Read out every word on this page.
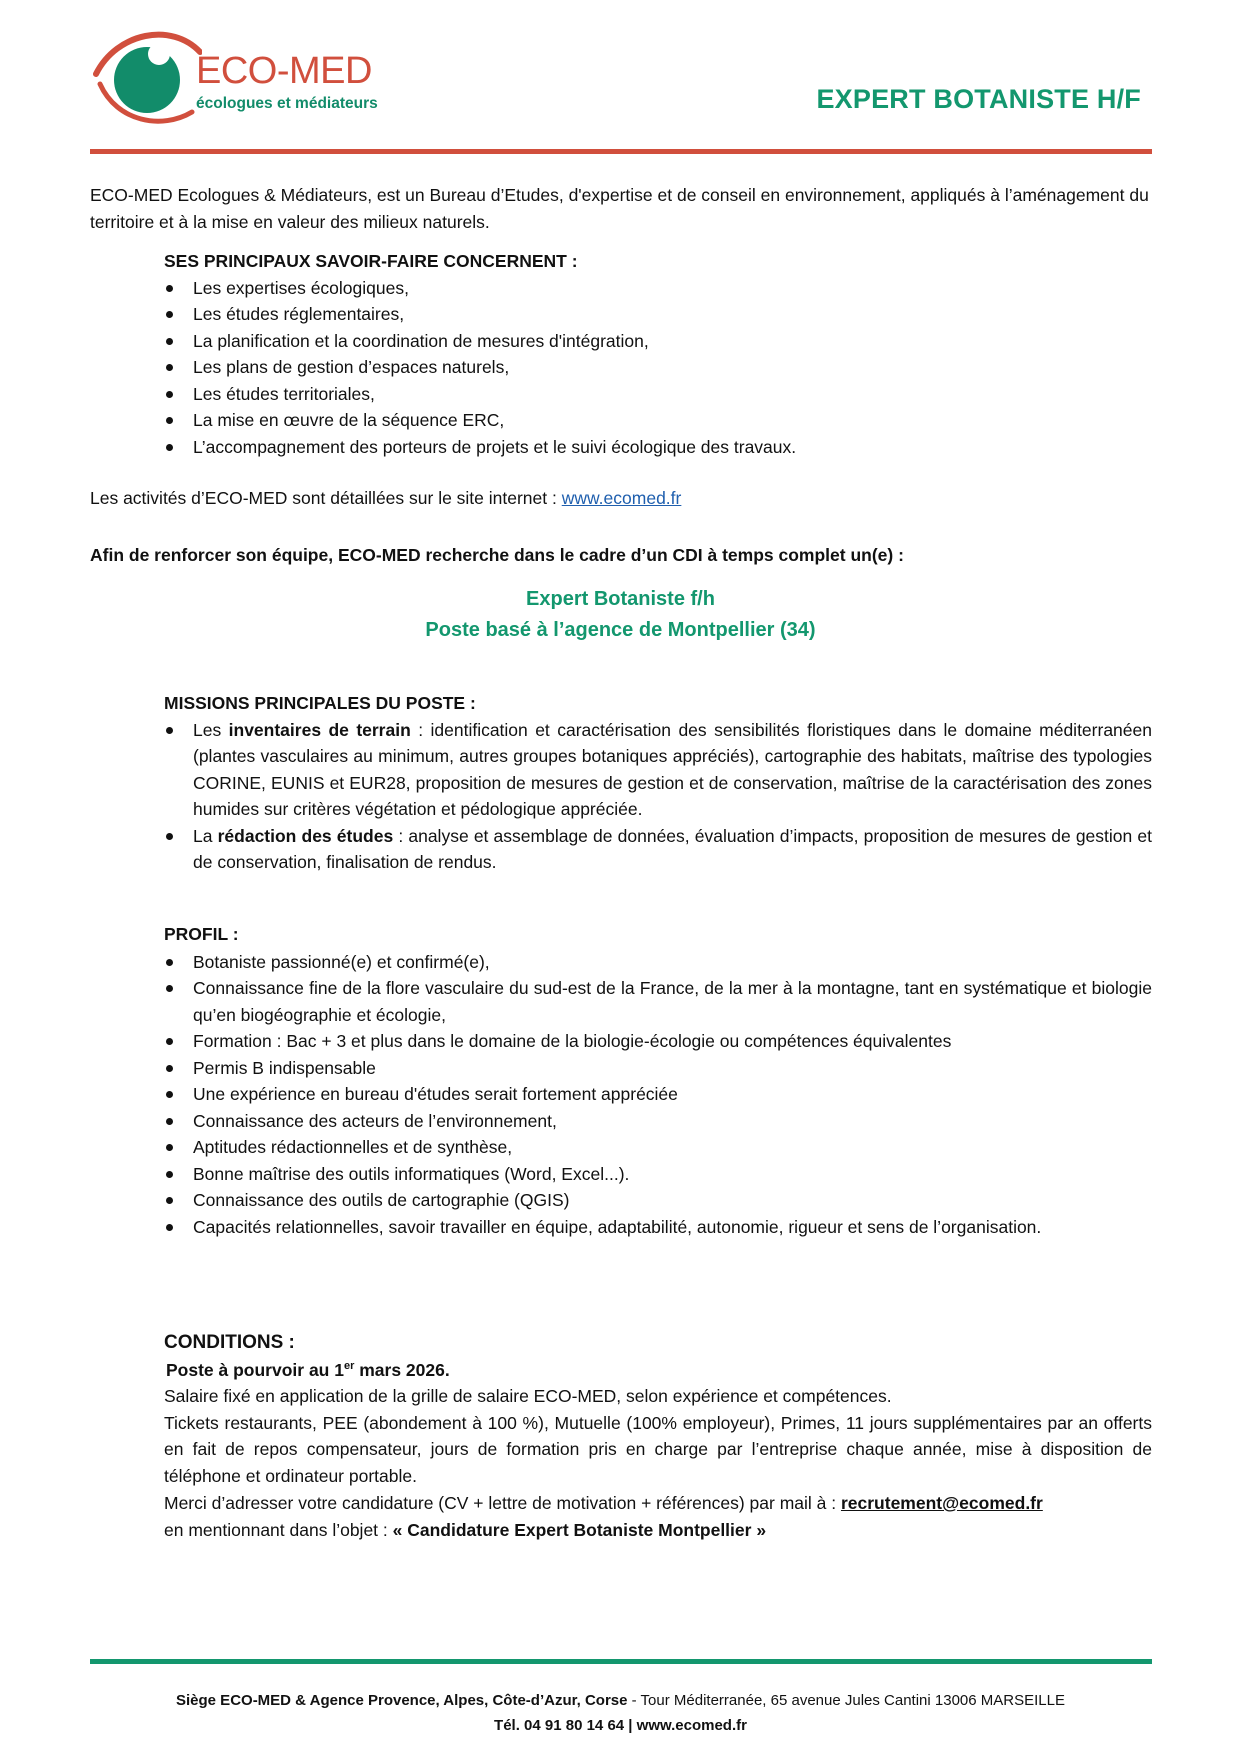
ECO-MED
écologues et médiateurs	EXPERT BOTANISTE H/F
ECO-MED Ecologues & Médiateurs, est un Bureau d’Etudes, d'expertise et de conseil en environnement, appliqués à l’aménagement du territoire et à la mise en valeur des milieux naturels.
SES PRINCIPAUX SAVOIR-FAIRE CONCERNENT :
Les expertises écologiques,
Les études réglementaires,
La planification et la coordination de mesures d'intégration,
Les plans de gestion d’espaces naturels,
Les études territoriales,
La mise en œuvre de la séquence ERC,
L’accompagnement des porteurs de projets et le suivi écologique des travaux.
Les activités d’ECO-MED sont détaillées sur le site internet : www.ecomed.fr
Afin de renforcer son équipe, ECO-MED recherche dans le cadre d’un CDI à temps complet un(e) :
Expert Botaniste f/h
Poste basé à l’agence de Montpellier (34)
MISSIONS PRINCIPALES DU POSTE :
Les inventaires de terrain : identification et caractérisation des sensibilités floristiques dans le domaine méditerranéen (plantes vasculaires au minimum, autres groupes botaniques appréciés), cartographie des habitats, maîtrise des typologies CORINE, EUNIS et EUR28, proposition de mesures de gestion et de conservation, maîtrise de la caractérisation des zones humides sur critères végétation et pédologique appréciée.
La rédaction des études : analyse et assemblage de données, évaluation d’impacts, proposition de mesures de gestion et de conservation, finalisation de rendus.
PROFIL :
Botaniste passionné(e) et confirmé(e),
Connaissance fine de la flore vasculaire du sud-est de la France, de la mer à la montagne, tant en systématique et biologie qu’en biogéographie et écologie,
Formation : Bac + 3 et plus dans le domaine de la biologie-écologie ou compétences équivalentes
Permis B indispensable
Une expérience en bureau d'études serait fortement appréciée
Connaissance des acteurs de l’environnement,
Aptitudes rédactionnelles et de synthèse,
Bonne maîtrise des outils informatiques (Word, Excel...).
Connaissance des outils de cartographie (QGIS)
Capacités relationnelles, savoir travailler en équipe, adaptabilité, autonomie, rigueur et sens de l’organisation.
CONDITIONS :
Poste à pourvoir au 1er mars 2026.
Salaire fixé en application de la grille de salaire ECO-MED, selon expérience et compétences.
Tickets restaurants, PEE (abondement à 100 %), Mutuelle (100% employeur), Primes, 11 jours supplémentaires par an offerts en fait de repos compensateur, jours de formation pris en charge par l’entreprise chaque année, mise à disposition de téléphone et ordinateur portable.
Merci d’adresser votre candidature (CV + lettre de motivation + références) par mail à : recrutement@ecomed.fr
en mentionnant dans l’objet : « Candidature Expert Botaniste Montpellier »
Siège ECO-MED & Agence Provence, Alpes, Côte-d’Azur, Corse - Tour Méditerranée, 65 avenue Jules Cantini 13006 MARSEILLE
Tél. 04 91 80 14 64 | www.ecomed.fr
